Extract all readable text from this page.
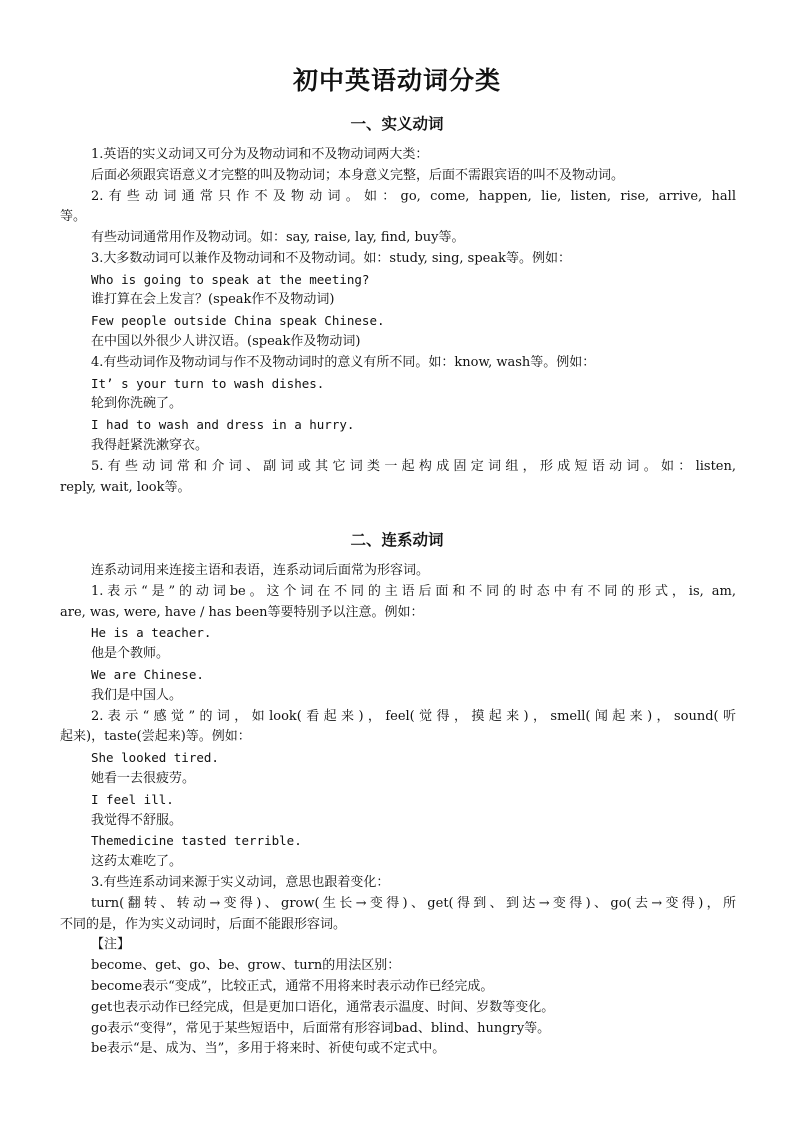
初中英语动词分类
一、实义动词
1.英语的实义动词又可分为及物动词和不及物动词两大类：
后面必须跟宾语意义才完整的叫及物动词；本身意义完整，后面不需跟宾语的叫不及物动词。
2.有些动词通常只作不及物动词。如：go, come, happen, lie, listen, rise, arrive, hall
等。
有些动词通常用作及物动词。如：say, raise, lay, find, buy等。
3.大多数动词可以兼作及物动词和不及物动词。如：study, sing, speak等。例如：
Who is going to speak at the meeting?
谁打算在会上发言？(speak作不及物动词)
Few people outside China speak Chinese.
在中国以外很少人讲汉语。(speak作及物动词)
4.有些动词作及物动词与作不及物动词时的意义有所不同。如：know, wash等。例如：
It’ s your turn to wash dishes.
轮到你洗碗了。
I had to wash and dress in a hurry.
我得赶紧洗漱穿衣。
5.有些动词常和介词、副词或其它词类一起构成固定词组，形成短语动词。如：listen,
reply, wait, look等。
二、连系动词
连系动词用来连接主语和表语，连系动词后面常为形容词。
1.表示“是”的动词be。这个词在不同的主语后面和不同的时态中有不同的形式，is, am,
are, was, were, have / has been等要特别予以注意。例如：
He is a teacher.
他是个教师。
We are Chinese.
我们是中国人。
2.表示“感觉”的词，如look(看起来)，feel(觉得，摸起来)，smell(闻起来)，sound(听
起来)，taste(尝起来)等。例如：
She looked tired.
她看一去很疲劳。
I feel ill.
我觉得不舒服。
Themedicine tasted terrible.
这药太难吃了。
3.有些连系动词来源于实义动词，意思也跟着变化：
turn(翻转、转动→变得)、grow(生长→变得)、get(得到、到达→变得)、go(去→变得)，所
不同的是，作为实义动词时，后面不能跟形容词。
【注】
become、get、go、be、grow、turn的用法区别：
become表示“变成”，比较正式，通常不用将来时表示动作已经完成。
get也表示动作已经完成，但是更加口语化，通常表示温度、时间、岁数等变化。
go表示“变得”，常见于某些短语中，后面常有形容词bad、blind、hungry等。
be表示“是、成为、当”，多用于将来时、祈使句或不定式中。
